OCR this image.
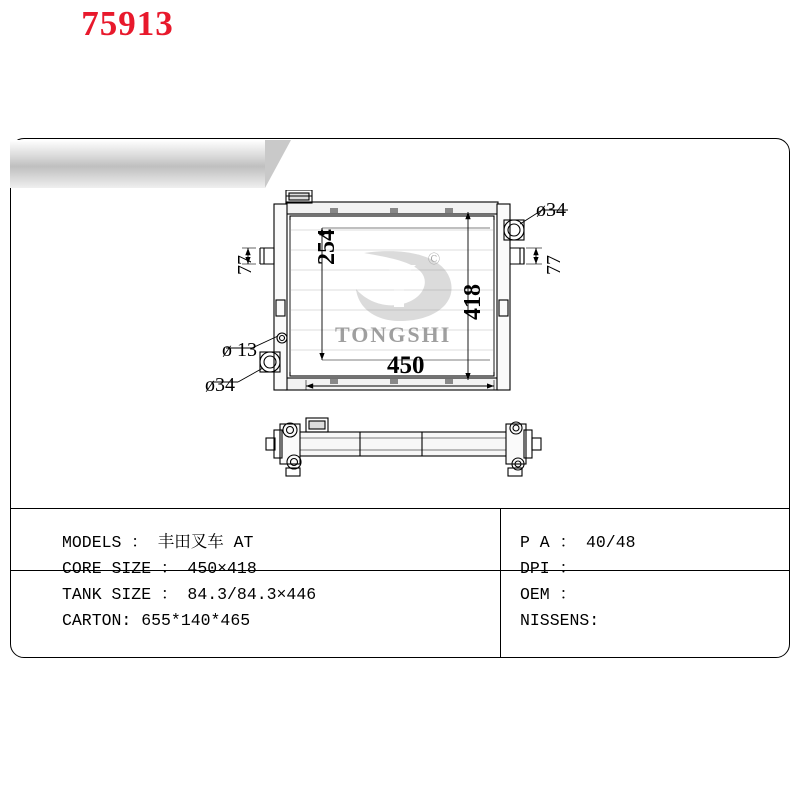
75913
254
418
450
ø34
ø34
ø 13
77	77
TONGSHI
Ⓒ
MODELS ： 丰田叉车 AT
CORE SIZE ： 450×418
TANK SIZE ： 84.3/84.3×446
CARTON: 655*140*465
P A ： 40/48
DPI ：
OEM ：
NISSENS:
